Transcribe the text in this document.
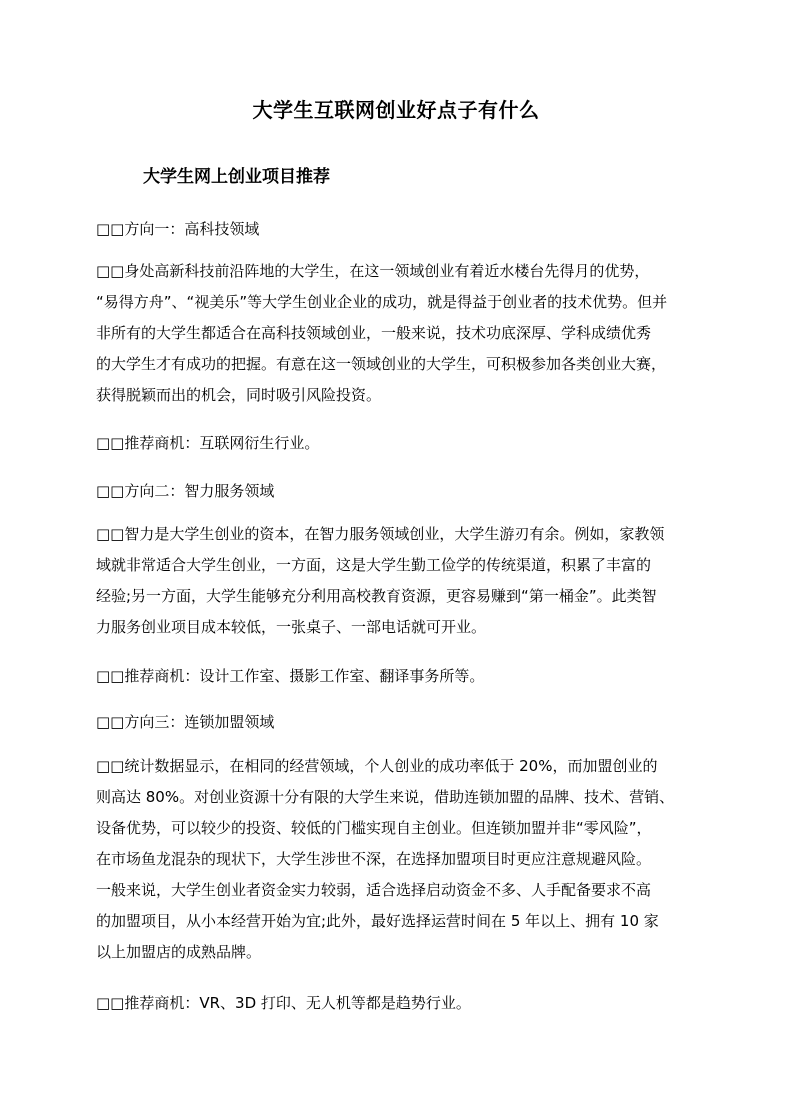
大学生互联网创业好点子有什么
大学生网上创业项目推荐

□□方向一：高科技领域

□□身处高新科技前沿阵地的大学生，在这一领域创业有着近水楼台先得月的优势，
“易得方舟”、“视美乐”等大学生创业企业的成功，就是得益于创业者的技术优势。但并
非所有的大学生都适合在高科技领域创业，一般来说，技术功底深厚、学科成绩优秀
的大学生才有成功的把握。有意在这一领域创业的大学生，可积极参加各类创业大赛，
获得脱颖而出的机会，同时吸引风险投资。

□□推荐商机：互联网衍生行业。

□□方向二：智力服务领域

□□智力是大学生创业的资本，在智力服务领域创业，大学生游刃有余。例如，家教领
域就非常适合大学生创业，一方面，这是大学生勤工俭学的传统渠道，积累了丰富的
经验;另一方面，大学生能够充分利用高校教育资源，更容易赚到“第一桶金”。此类智
力服务创业项目成本较低，一张桌子、一部电话就可开业。

□□推荐商机：设计工作室、摄影工作室、翻译事务所等。

□□方向三：连锁加盟领域

□□统计数据显示，在相同的经营领域，个人创业的成功率低于 20%，而加盟创业的
则高达 80%。对创业资源十分有限的大学生来说，借助连锁加盟的品牌、技术、营销、
设备优势，可以较少的投资、较低的门槛实现自主创业。但连锁加盟并非“零风险”，
在市场鱼龙混杂的现状下，大学生涉世不深，在选择加盟项目时更应注意规避风险。
一般来说，大学生创业者资金实力较弱，适合选择启动资金不多、人手配备要求不高
的加盟项目，从小本经营开始为宜;此外，最好选择运营时间在 5 年以上、拥有 10 家
以上加盟店的成熟品牌。

□□推荐商机：VR、3D 打印、无人机等都是趋势行业。
